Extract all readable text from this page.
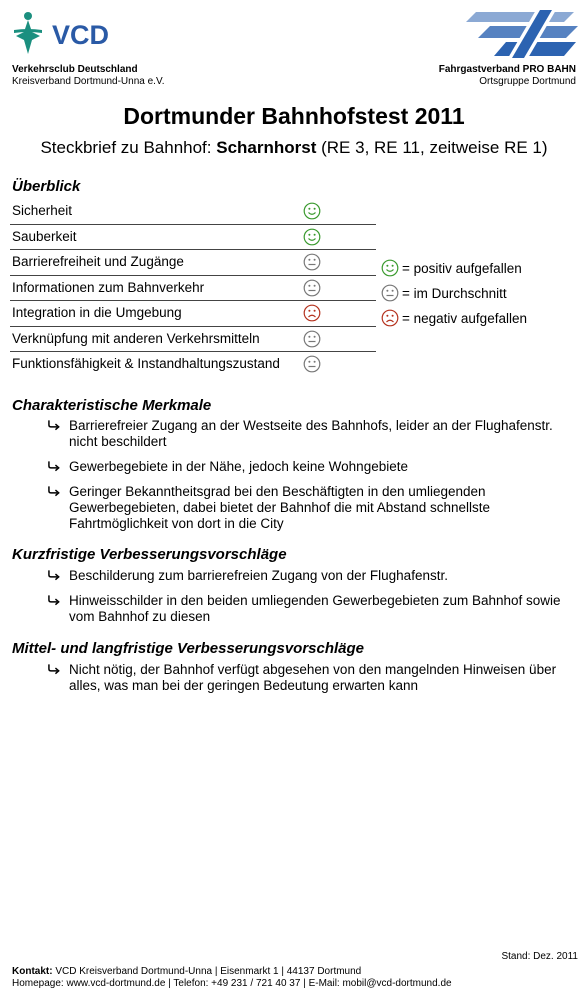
VCD
Verkehrsclub Deutschland
Kreisverband Dortmund-Unna e.V.
Fahrgastverband PRO BAHN
Ortsgruppe Dortmund
Dortmunder Bahnhofstest 2011
Steckbrief zu Bahnhof: Scharnhorst (RE 3, RE 11, zeitweise RE 1)
Überblick
Sicherheit
Sauberkeit
Barrierefreiheit und Zugänge
Informationen zum Bahnverkehr
Integration in die Umgebung
Verknüpfung mit anderen Verkehrsmitteln
Funktionsfähigkeit & Instandhaltungszustand
= positiv aufgefallen
= im Durchschnitt
= negativ aufgefallen
Charakteristische Merkmale
Barrierefreier Zugang an der Westseite des Bahnhofs, leider an der Flughafenstr. nicht beschildert
Gewerbegebiete in der Nähe, jedoch keine Wohngebiete
Geringer Bekanntheitsgrad bei den Beschäftigten in den umliegenden Gewerbegebieten, dabei bietet der Bahnhof die mit Abstand schnellste Fahrtmöglichkeit von dort in die City
Kurzfristige Verbesserungsvorschläge
Beschilderung zum barrierefreien Zugang von der Flughafenstr.
Hinweisschilder in den beiden umliegenden Gewerbegebieten zum Bahnhof sowie vom Bahnhof zu diesen
Mittel- und langfristige Verbesserungsvorschläge
Nicht nötig, der Bahnhof verfügt abgesehen von den mangelnden Hinweisen über alles, was man bei der geringen Bedeutung erwarten kann
Stand: Dez. 2011
Kontakt: VCD Kreisverband Dortmund-Unna | Eisenmarkt 1 | 44137 Dortmund
Homepage: www.vcd-dortmund.de | Telefon: +49 231 / 721 40 37 | E-Mail: mobil@vcd-dortmund.de
